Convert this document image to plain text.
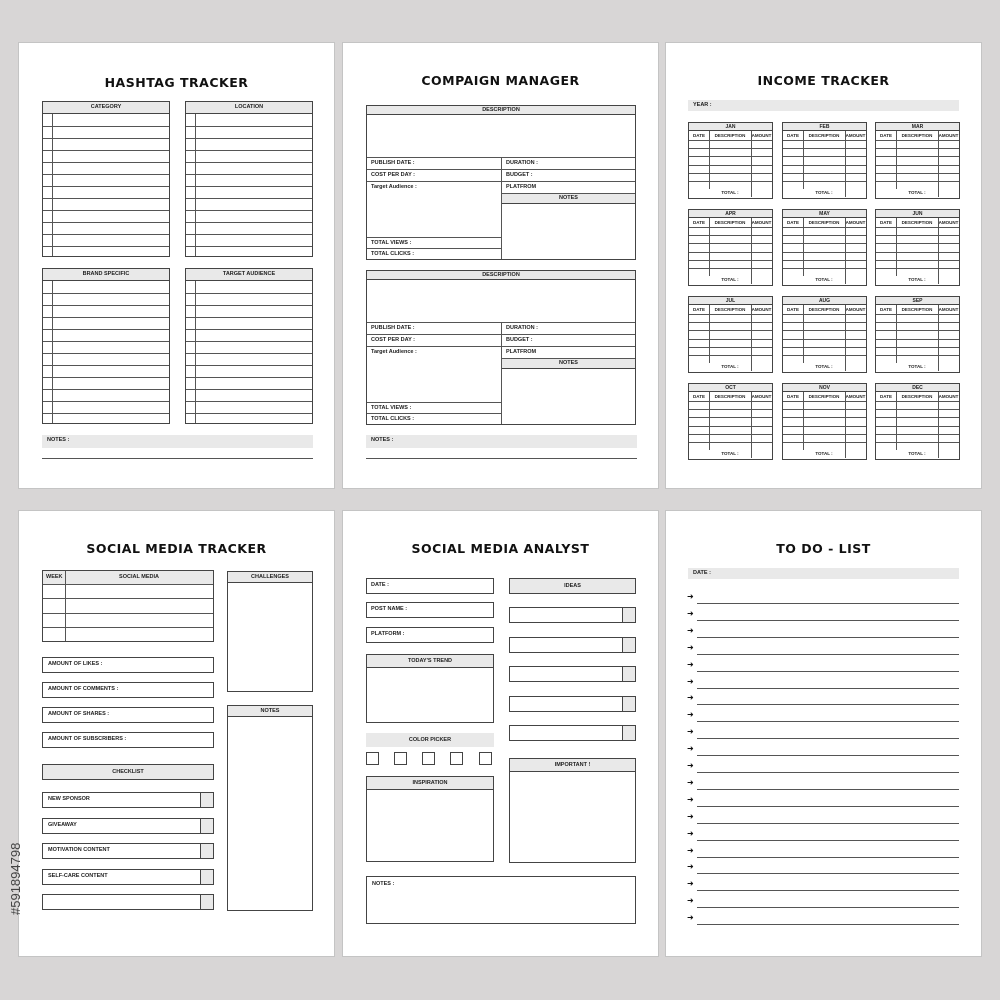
HASHTAG TRACKER
CATEGORY	LOCATION
BRAND SPECIFIC	TARGET AUDIENCE
NOTES :
COMPAIGN MANAGER
DESCRIPTION
PUBLISH DATE :
COST PER DAY :
Target Audience :
TOTAL VIEWS :
TOTAL CLICKS :
DURATION :
BUDGET :
PLATFROM
NOTES
DESCRIPTION
PUBLISH DATE :
COST PER DAY :
Target Audience :
TOTAL VIEWS :
TOTAL CLICKS :
DURATION :
BUDGET :
PLATFROM
NOTES
NOTES :
INCOME TRACKER
YEAR :
JAN
DATE	DESCRIPTION	AMOUNT
TOTAL :
FEB
DATE	DESCRIPTION	AMOUNT
TOTAL :
MAR
DATE	DESCRIPTION	AMOUNT
TOTAL :
APR
DATE	DESCRIPTION	AMOUNT
TOTAL :
MAY
DATE	DESCRIPTION	AMOUNT
TOTAL :
JUN
DATE	DESCRIPTION	AMOUNT
TOTAL :
JUL
DATE	DESCRIPTION	AMOUNT
TOTAL :
AUG
DATE	DESCRIPTION	AMOUNT
TOTAL :
SEP
DATE	DESCRIPTION	AMOUNT
TOTAL :
OCT
DATE	DESCRIPTION	AMOUNT
TOTAL :
NOV
DATE	DESCRIPTION	AMOUNT
TOTAL :
DEC
DATE	DESCRIPTION	AMOUNT
TOTAL :
SOCIAL MEDIA TRACKER
WEEK	SOCIAL MEDIA
AMOUNT OF LIKES :
AMOUNT OF COMMENTS :
AMOUNT OF SHARES :
AMOUNT OF SUBSCRIBERS :
CHECKLIST
NEW SPONSOR
GIVEAWAY
MOTIVATION CONTENT
SELF-CARE CONTENT
CHALLENGES
NOTES
SOCIAL MEDIA ANALYST
DATE :
POST NAME :
PLATFORM :
TODAY'S TREND
COLOR PICKER
INSPIRATION
NOTES :
IDEAS
IMPORTANT !
TO DO - LIST
DATE :
➜
➜
➜
➜
➜
➜
➜
➜
➜
➜
➜
➜
➜
➜
➜
➜
➜
➜
➜
➜
#591894798
